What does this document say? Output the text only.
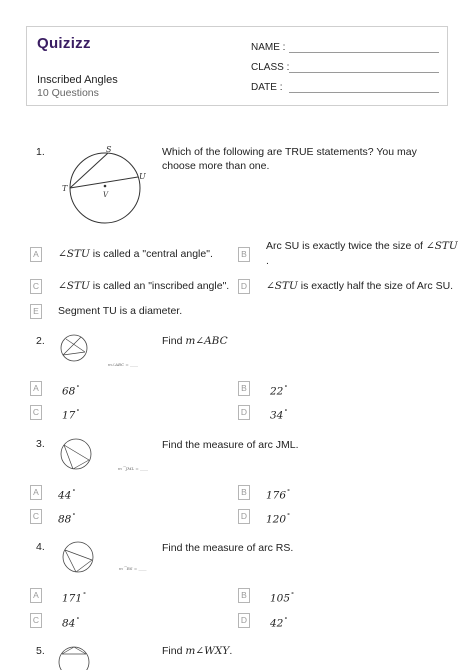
Quizizz
Inscribed Angles
10 Questions
NAME :
CLASS :
DATE :
1.	S
U
T
V
Which of the following are TRUE statements? You may choose more than one.
A	∠STU is called a "central angle".	B
Arc SU is exactly twice the size of ∠STU
.
C ∠STU is called an "inscribed angle".	D ∠STU is exactly half the size of Arc SU.
E	Segment TU is a diameter.
2.
m∠ABC = ____
Find m∠ABC
A	68°	B	22°
C 17°	D 34°
3.
m⌒JML = ____
Find the measure of arc JML.
A	44°	B	176°
C 88°	D 120°
4.
m⌒RS = ____
Find the measure of arc RS.
A	171°	B	105°
C 84°	D 42°
5.	Find m∠WXY.
